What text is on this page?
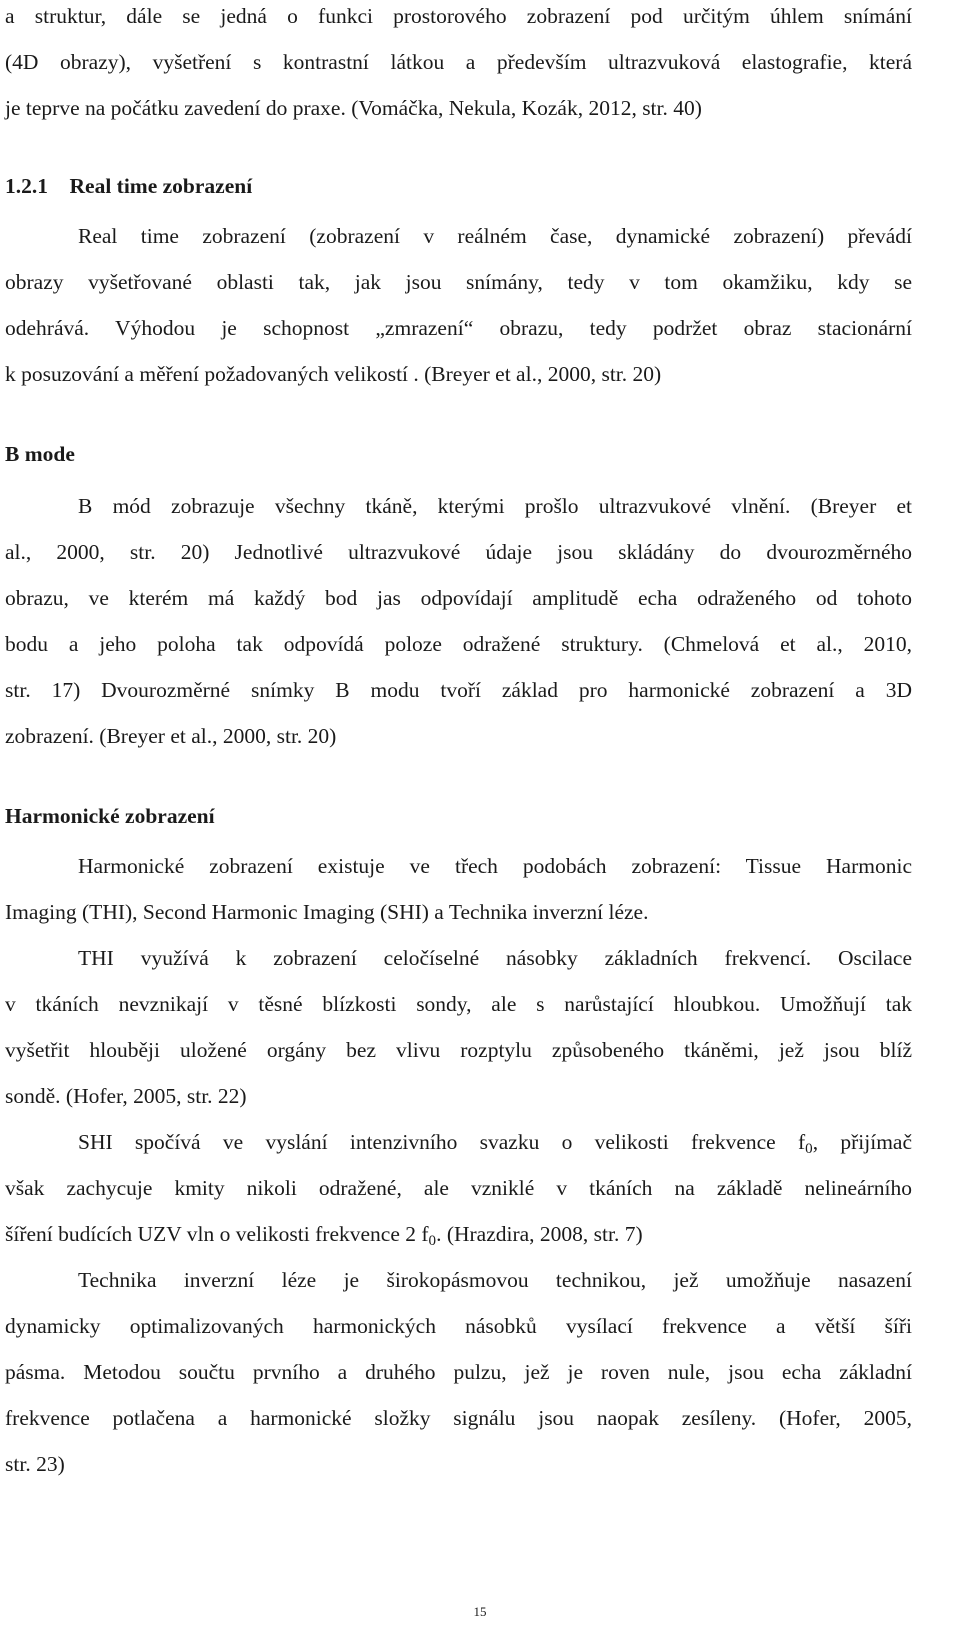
a struktur, dále se jedná o funkci prostorového zobrazení pod určitým úhlem snímání
(4D obrazy), vyšetření s kontrastní látkou a především ultrazvuková elastografie, která
je teprve na počátku zavedení do praxe. (Vomáčka, Nekula, Kozák, 2012, str. 40)
1.2.1    Real time zobrazení
Real time zobrazení (zobrazení v reálném čase, dynamické zobrazení) převádí
obrazy vyšetřované oblasti tak, jak jsou snímány, tedy v tom okamžiku, kdy se
odehrává. Výhodou je schopnost „zmrazení“ obrazu, tedy podržet obraz stacionární
k posuzování a měření požadovaných velikostí . (Breyer et al., 2000, str. 20)
B mode
B mód zobrazuje všechny tkáně, kterými prošlo ultrazvukové vlnění. (Breyer et
al., 2000, str. 20) Jednotlivé ultrazvukové údaje jsou skládány do dvourozměrného
obrazu, ve kterém má každý bod jas odpovídají amplitudě echa odraženého od tohoto
bodu a jeho poloha tak odpovídá poloze odražené struktury. (Chmelová et al., 2010,
str. 17) Dvourozměrné snímky B modu tvoří základ pro harmonické zobrazení a 3D
zobrazení. (Breyer et al., 2000, str. 20)
Harmonické zobrazení
Harmonické zobrazení existuje ve třech podobách zobrazení: Tissue Harmonic
Imaging (THI), Second Harmonic Imaging (SHI) a Technika inverzní léze.
THI využívá k zobrazení celočíselné násobky základních frekvencí. Oscilace
v tkáních nevznikají v těsné blízkosti sondy, ale s narůstající hloubkou. Umožňují tak
vyšetřit hlouběji uložené orgány bez vlivu rozptylu způsobeného tkáněmi, jež jsou blíž
sondě. (Hofer, 2005, str. 22)
SHI spočívá ve vyslání intenzivního svazku o velikosti frekvence $f_0$, přijímač
však zachycuje kmity nikoli odražené, ale vzniklé v tkáních na základě nelineárního
šíření budících UZV vln o velikosti frekvence 2 $f_0$. (Hrazdira, 2008, str. 7)
Technika inverzní léze je širokopásmovou technikou, jež umožňuje nasazení
dynamicky optimalizovaných harmonických násobků vysílací frekvence a větší šíři
pásma. Metodou součtu prvního a druhého pulzu, jež je roven nule, jsou echa základní
frekvence potlačena a harmonické složky signálu jsou naopak zesíleny. (Hofer, 2005,
str. 23)
15
